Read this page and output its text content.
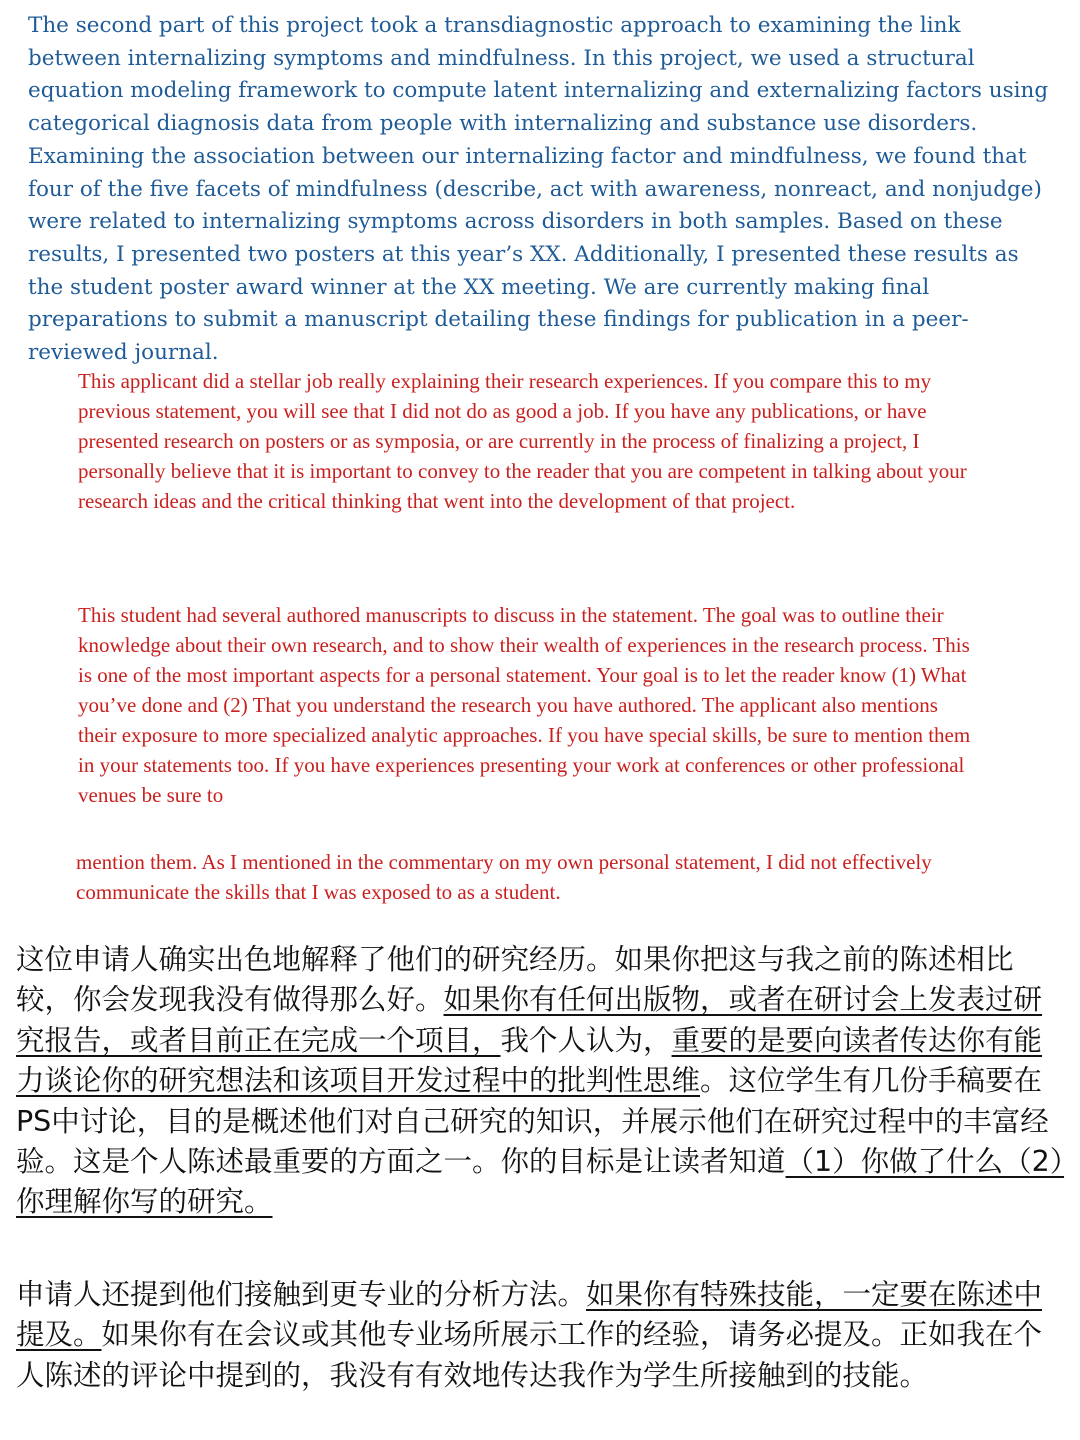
The second part of this project took a transdiagnostic approach to examining the link between internalizing symptoms and mindfulness. In this project, we used a structural equation modeling framework to compute latent internalizing and externalizing factors using categorical diagnosis data from people with internalizing and substance use disorders. Examining the association between our internalizing factor and mindfulness, we found that four of the five facets of mindfulness (describe, act with awareness, nonreact, and nonjudge) were related to internalizing symptoms across disorders in both samples. Based on these results, I presented two posters at this year’s XX. Additionally, I presented these results as the student poster award winner at the XX meeting. We are currently making final preparations to submit a manuscript detailing these findings for publication in a peer-reviewed journal.

This applicant did a stellar job really explaining their research experiences. If you compare this to my previous statement, you will see that I did not do as good a job. If you have any publications, or have presented research on posters or as symposia, or are currently in the process of finalizing a project, I personally believe that it is important to convey to the reader that you are competent in talking about your research ideas and the critical thinking that went into the development of that project.

This student had several authored manuscripts to discuss in the statement. The goal was to outline their knowledge about their own research, and to show their wealth of experiences in the research process. This is one of the most important aspects for a personal statement. Your goal is to let the reader know (1) What you’ve done and (2) That you understand the research you have authored. The applicant also mentions their exposure to more specialized analytic approaches. If you have special skills, be sure to mention them in your statements too. If you have experiences presenting your work at conferences or other professional venues be sure to

mention them. As I mentioned in the commentary on my own personal statement, I did not effectively communicate the skills that I was exposed to as a student.

这位申请人确实出色地解释了他们的研究经历。如果你把这与我之前的陈述相比较，你会发现我没有做得那么好。如果你有任何出版物，或者在研讨会上发表过研究报告，或者目前正在完成一个项目，我个人认为，重要的是要向读者传达你有能力谈论你的研究想法和该项目开发过程中的批判性思维。这位学生有几份手稿要在PS中讨论，目的是概述他们对自己研究的知识，并展示他们在研究过程中的丰富经验。这是个人陈述最重要的方面之一。你的目标是让读者知道（1）你做了什么（2）你理解你写的研究。

申请人还提到他们接触到更专业的分析方法。如果你有特殊技能，一定要在陈述中提及。如果你有在会议或其他专业场所展示工作的经验，请务必提及。正如我在个人陈述的评论中提到的，我没有有效地传达我作为学生所接触到的技能。
